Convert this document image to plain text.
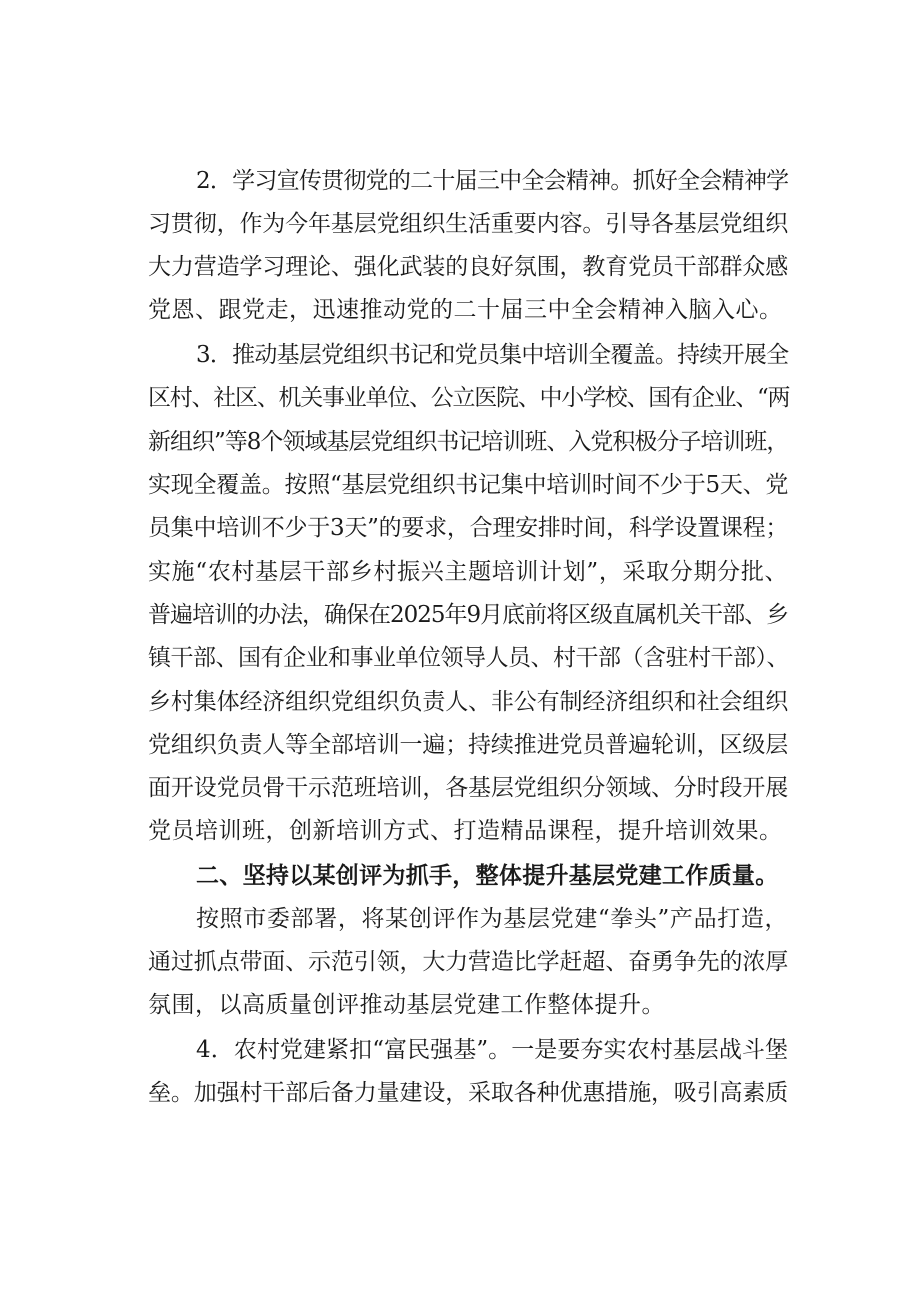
2．学习宣传贯彻党的二十届三中全会精神。抓好全会精神学
习贯彻，作为今年基层党组织生活重要内容。引导各基层党组织
大力营造学习理论、强化武装的良好氛围，教育党员干部群众感
党恩、跟党走，迅速推动党的二十届三中全会精神入脑入心。
3．推动基层党组织书记和党员集中培训全覆盖。持续开展全
区村、社区、机关事业单位、公立医院、中小学校、国有企业、“两
新组织”等8个领域基层党组织书记培训班、入党积极分子培训班，
实现全覆盖。按照“基层党组织书记集中培训时间不少于5天、党
员集中培训不少于3天”的要求，合理安排时间，科学设置课程；
实施“农村基层干部乡村振兴主题培训计划”，采取分期分批、
普遍培训的办法，确保在2025年9月底前将区级直属机关干部、乡
镇干部、国有企业和事业单位领导人员、村干部（含驻村干部）、
乡村集体经济组织党组织负责人、非公有制经济组织和社会组织
党组织负责人等全部培训一遍；持续推进党员普遍轮训，区级层
面开设党员骨干示范班培训，各基层党组织分领域、分时段开展
党员培训班，创新培训方式、打造精品课程，提升培训效果。
二、坚持以某创评为抓手，整体提升基层党建工作质量。
按照市委部署，将某创评作为基层党建“拳头”产品打造，
通过抓点带面、示范引领，大力营造比学赶超、奋勇争先的浓厚
氛围，以高质量创评推动基层党建工作整体提升。
4．农村党建紧扣“富民强基”。一是要夯实农村基层战斗堡
垒。加强村干部后备力量建设，采取各种优惠措施，吸引高素质
